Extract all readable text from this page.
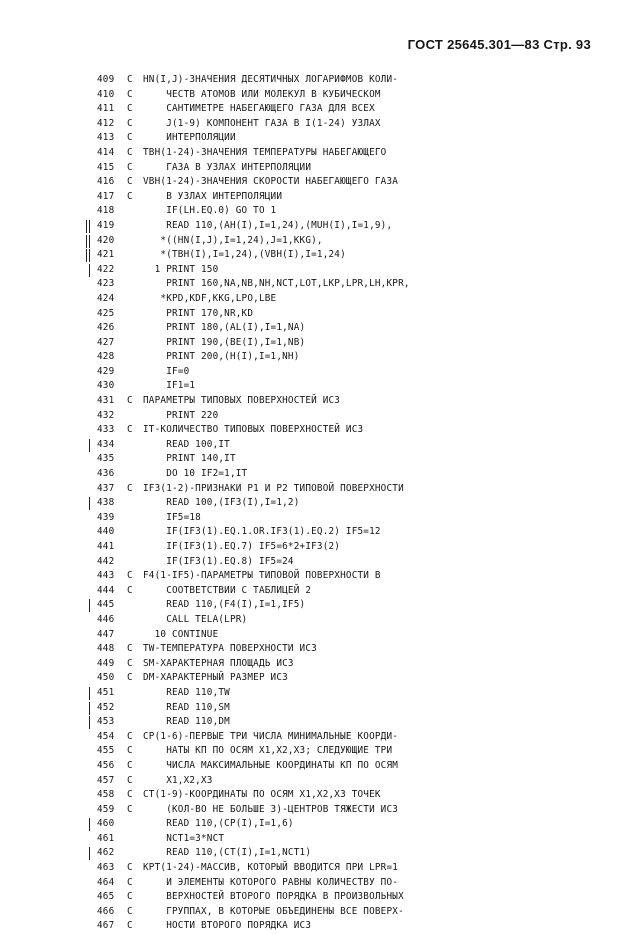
ГОСТ 25645.301—83 Стр. 93
409	C	HN(I,J)-ЗНАЧЕНИЯ ДЕСЯТИЧНЫХ ЛОГАРИФМОВ КОЛИ-
410	C	ЧЕСТВ АТОМОВ ИЛИ МОЛЕКУЛ В КУБИЧЕСКОМ
411	C	САНТИМЕТРЕ НАБЕГАЮЩЕГО ГАЗА ДЛЯ ВСЕХ
412	C	J(1-9) КОМПОНЕНТ ГАЗА В I(1-24) УЗЛАХ
413	C	ИНТЕРПОЛЯЦИИ
414	C	TBH(1-24)-ЗНАЧЕНИЯ ТЕМПЕРАТУРЫ НАБЕГАЮЩЕГО
415	C	ГАЗА В УЗЛАХ ИНТЕРПОЛЯЦИИ
416	C	VBH(1-24)-ЗНАЧЕНИЯ СКОРОСТИ НАБЕГАЮЩЕГО ГАЗА
417	C	В УЗЛАХ ИНТЕРПОЛЯЦИИ
418	IF(LH.EQ.0) GO TO 1
419	READ 110,(AH(I),I=1,24),(MUH(I),I=1,9),
420	*((HN(I,J),I=1,24),J=1,KKG),
421	*(TBH(I),I=1,24),(VBH(I),I=1,24)
422	1 PRINT 150
423	PRINT 160,NA,NB,NH,NCT,LOT,LKP,LPR,LH,KPR,
424	*KPD,KDF,KKG,LPO,LBE
425	PRINT 170,NR,KD
426	PRINT 180,(AL(I),I=1,NA)
427	PRINT 190,(BE(I),I=1,NB)
428	PRINT 200,(H(I),I=1,NH)
429	IF=0
430	IF1=1
431	C	ПАРАМЕТРЫ ТИПОВЫХ ПОВЕРХНОСТЕЙ ИСЗ
432	PRINT 220
433	C	IT-КОЛИЧЕСТВО ТИПОВЫХ ПОВЕРХНОСТЕЙ ИСЗ
434	READ 100,IT
435	PRINT 140,IT
436	DO 10 IF2=1,IT
437	C	IF3(1-2)-ПРИЗНАКИ P1 И P2 ТИПОВОЙ ПОВЕРХНОСТИ
438	READ 100,(IF3(I),I=1,2)
439	IF5=18
440	IF(IF3(1).EQ.1.OR.IF3(1).EQ.2) IF5=12
441	IF(IF3(1).EQ.7) IF5=6*2+IF3(2)
442	IF(IF3(1).EQ.8) IF5=24
443	C	F4(1-IF5)-ПАРАМЕТРЫ ТИПОВОЙ ПОВЕРХНОСТИ В
444	C	СООТВЕТСТВИИ С ТАБЛИЦЕЙ 2
445	READ 110,(F4(I),I=1,IF5)
446	CALL TELA(LPR)
447	10 CONTINUE
448	C	TW-ТЕМПЕРАТУРА ПОВЕРХНОСТИ ИСЗ
449	C	SM-ХАРАКТЕРНАЯ ПЛОЩАДЬ ИСЗ
450	C	DM-ХАРАКТЕРНЫЙ РАЗМЕР ИСЗ
451	READ 110,TW
452	READ 110,SM
453	READ 110,DM
454	C	CP(1-6)-ПЕРВЫЕ ТРИ ЧИСЛА МИНИМАЛЬНЫЕ КООРДИ-
455	C	НАТЫ КП ПО ОСЯМ X1,X2,X3; СЛЕДУЮЩИЕ ТРИ
456	C	ЧИСЛА МАКСИМАЛЬНЫЕ КООРДИНАТЫ КП ПО ОСЯМ
457	C	X1,X2,X3
458	C	CT(1-9)-КООРДИНАТЫ ПО ОСЯМ X1,X2,X3 ТОЧЕК
459	C	(КОЛ-ВО НЕ БОЛЬШЕ 3)-ЦЕНТРОВ ТЯЖЕСТИ ИСЗ
460	READ 110,(CP(I),I=1,6)
461	NCT1=3*NCT
462	READ 110,(CT(I),I=1,NCT1)
463	C	KPT(1-24)-МАССИВ, КОТОРЫЙ ВВОДИТСЯ ПРИ LPR=1
464	C	И ЭЛЕМЕНТЫ КОТОРОГО РАВНЫ КОЛИЧЕСТВУ ПО-
465	C	ВЕРХНОСТЕЙ ВТОРОГО ПОРЯДКА В ПРОИЗВОЛЬНЫХ
466	C	ГРУППАХ, В КОТОРЫЕ ОБЪЕДИНЕНЫ ВСЕ ПОВЕРХ-
467	C	НОСТИ ВТОРОГО ПОРЯДКА ИСЗ
